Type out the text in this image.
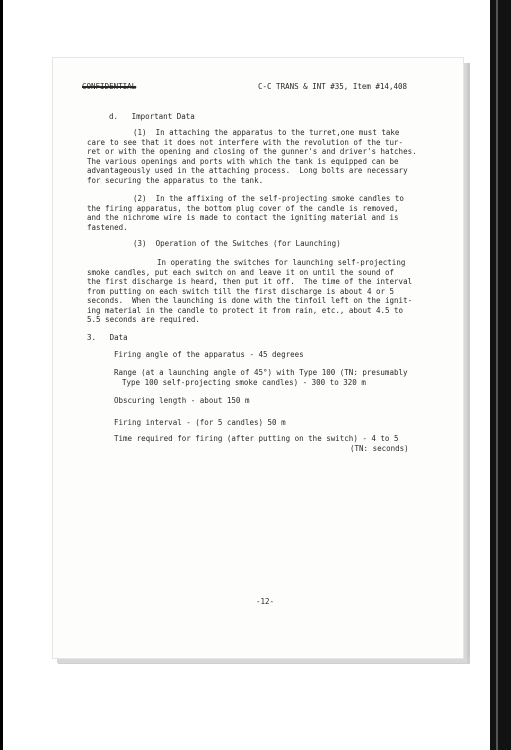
CONFIDENTIAL	C-C TRANS & INT #35, Item #14,408

d.   Important Data

(1)  In attaching the apparatus to the turret,one must take
care to see that it does not interfere with the revolution of the tur-
ret or with the opening and closing of the gunner's and driver's hatches.
The various openings and ports with which the tank is equipped can be
advantageously used in the attaching process.  Long bolts are necessary
for securing the apparatus to the tank.
(2)  In the affixing of the self-projecting smoke candles to
the firing apparatus, the bottom plug cover of the candle is removed,
and the nichrome wire is made to contact the igniting material and is
fastened.

(3)  Operation of the Switches (for Launching)

In operating the switches for launching self-projecting
smoke candles, put each switch on and leave it on until the sound of
the first discharge is heard, then put it off.  The time of the interval
from putting on each switch till the first discharge is about 4 or 5
seconds.  When the launching is done with the tinfoil left on the ignit-
ing material in the candle to protect it from rain, etc., about 4.5 to
5.5 seconds are required.

3.   Data

Firing angle of the apparatus - 45 degrees

Range (at a launching angle of 45°) with Type 100 (TN: presumably
Type 100 self-projecting smoke candles) - 300 to 320 m

Obscuring length - about 150 m

Firing interval - (for 5 candles) 50 m

Time required for firing (after putting on the switch) - 4 to 5
(TN: seconds)

-12-
